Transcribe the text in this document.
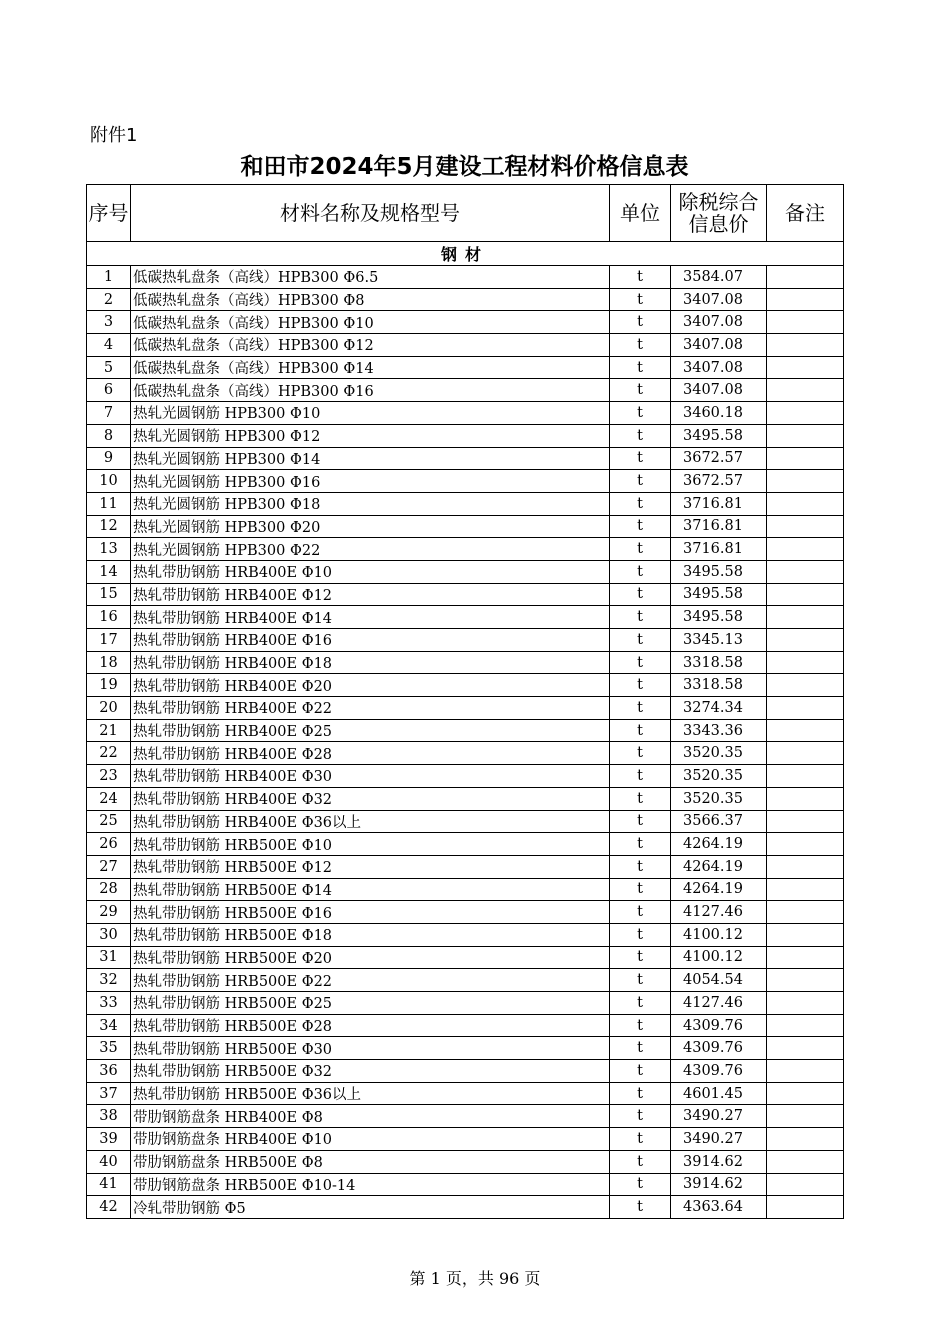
附件1
和田市2024年5月建设工程材料价格信息表
序号	材料名称及规格型号	单位	除税综合信息价	备注
钢材				
1	低碳热轧盘条（高线）HPB300 Φ6.5	t	3584.07	
2	低碳热轧盘条（高线）HPB300 Φ8	t	3407.08	
3	低碳热轧盘条（高线）HPB300 Φ10	t	3407.08	
4	低碳热轧盘条（高线）HPB300 Φ12	t	3407.08	
5	低碳热轧盘条（高线）HPB300 Φ14	t	3407.08	
6	低碳热轧盘条（高线）HPB300 Φ16	t	3407.08	
7	热轧光圆钢筋 HPB300 Φ10	t	3460.18	
8	热轧光圆钢筋 HPB300 Φ12	t	3495.58	
9	热轧光圆钢筋 HPB300 Φ14	t	3672.57	
10	热轧光圆钢筋 HPB300 Φ16	t	3672.57	
11	热轧光圆钢筋 HPB300 Φ18	t	3716.81	
12	热轧光圆钢筋 HPB300 Φ20	t	3716.81	
13	热轧光圆钢筋 HPB300 Φ22	t	3716.81	
14	热轧带肋钢筋 HRB400E Φ10	t	3495.58	
15	热轧带肋钢筋 HRB400E Φ12	t	3495.58	
16	热轧带肋钢筋 HRB400E Φ14	t	3495.58	
17	热轧带肋钢筋 HRB400E Φ16	t	3345.13	
18	热轧带肋钢筋 HRB400E Φ18	t	3318.58	
19	热轧带肋钢筋 HRB400E Φ20	t	3318.58	
20	热轧带肋钢筋 HRB400E Φ22	t	3274.34	
21	热轧带肋钢筋 HRB400E Φ25	t	3343.36	
22	热轧带肋钢筋 HRB400E Φ28	t	3520.35	
23	热轧带肋钢筋 HRB400E Φ30	t	3520.35	
24	热轧带肋钢筋 HRB400E Φ32	t	3520.35	
25	热轧带肋钢筋 HRB400E Φ36以上	t	3566.37	
26	热轧带肋钢筋 HRB500E Φ10	t	4264.19	
27	热轧带肋钢筋 HRB500E Φ12	t	4264.19	
28	热轧带肋钢筋 HRB500E Φ14	t	4264.19	
29	热轧带肋钢筋 HRB500E Φ16	t	4127.46	
30	热轧带肋钢筋 HRB500E Φ18	t	4100.12	
31	热轧带肋钢筋 HRB500E Φ20	t	4100.12	
32	热轧带肋钢筋 HRB500E Φ22	t	4054.54	
33	热轧带肋钢筋 HRB500E Φ25	t	4127.46	
34	热轧带肋钢筋 HRB500E Φ28	t	4309.76	
35	热轧带肋钢筋 HRB500E Φ30	t	4309.76	
36	热轧带肋钢筋 HRB500E Φ32	t	4309.76	
37	热轧带肋钢筋 HRB500E Φ36以上	t	4601.45	
38	带肋钢筋盘条 HRB400E Φ8	t	3490.27	
39	带肋钢筋盘条 HRB400E Φ10	t	3490.27	
40	带肋钢筋盘条 HRB500E Φ8	t	3914.62	
41	带肋钢筋盘条 HRB500E Φ10-14	t	3914.62	
42	冷轧带肋钢筋 Φ5	t	4363.64	
第 1 页，共 96 页
